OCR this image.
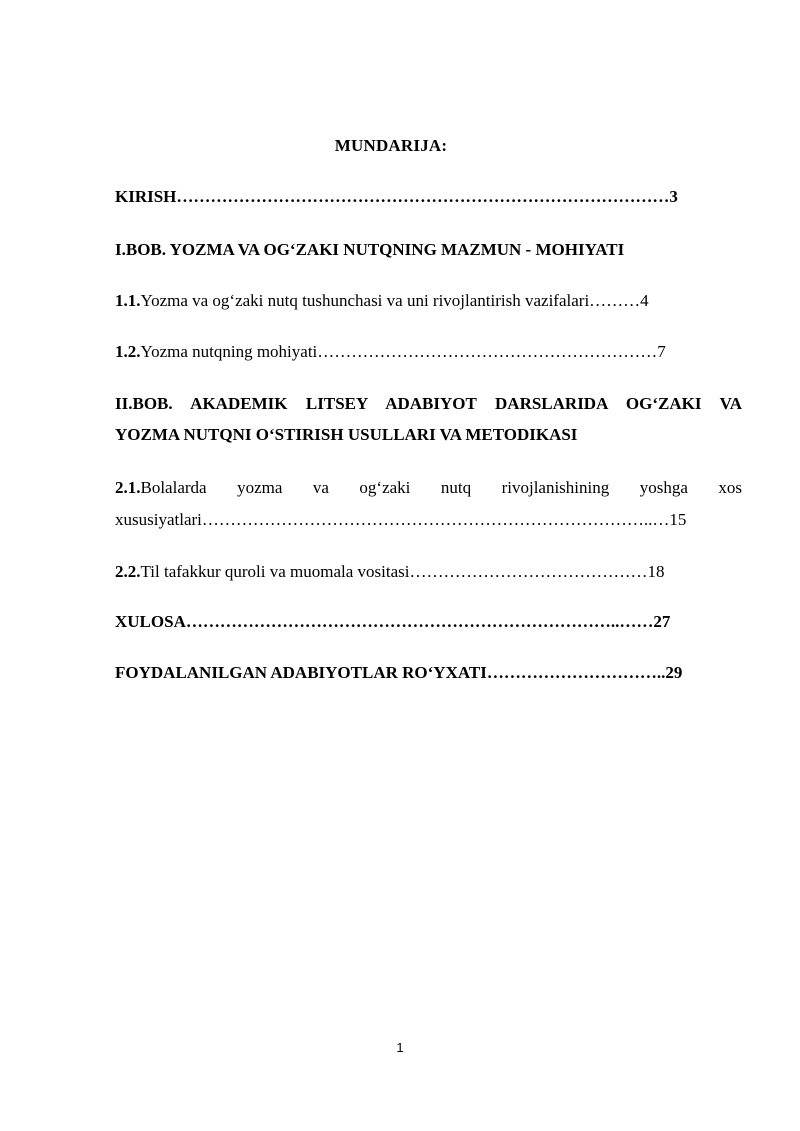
MUNDARIJA:
KIRISH……………………………………………………………………………3
I.BOB. YOZMA VA OG‘ZAKI NUTQNING MAZMUN - MOHIYATI
1.1.Yozma va og‘zaki nutq tushunchasi va uni rivojlantirish vazifalari………4
1.2.Yozma nutqning mohiyati……………………………………………………7
II.BOB. AKADEMIK LITSEY ADABIYOT DARSLARIDA OG‘ZAKI VA
YOZMA NUTQNI O‘STIRISH USULLARI VA METODIKASI
2.1.Bolalarda yozma va og‘zaki nutq rivojlanishining yoshga xos
xususiyatlari……………………………………………………………………..…15
2.2.Til tafakkur quroli va muomala vositasi……………………………………18
XULOSA…………………………………………………………………..……27
FOYDALANILGAN ADABIYOTLAR RO‘YXATI…………………………..29
1
